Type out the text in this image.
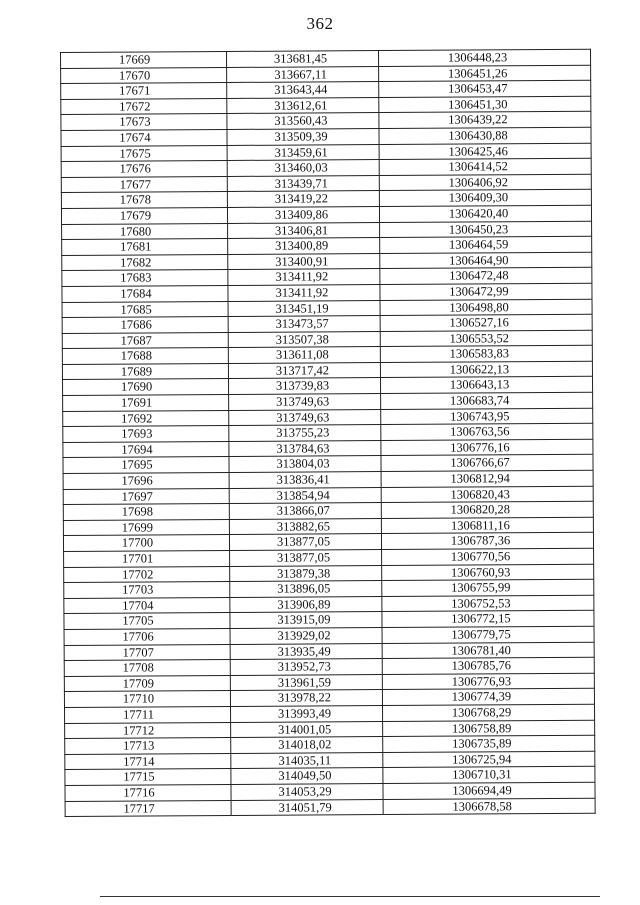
362
17669	313681,45	1306448,23
17670	313667,11	1306451,26
17671	313643,44	1306453,47
17672	313612,61	1306451,30
17673	313560,43	1306439,22
17674	313509,39	1306430,88
17675	313459,61	1306425,46
17676	313460,03	1306414,52
17677	313439,71	1306406,92
17678	313419,22	1306409,30
17679	313409,86	1306420,40
17680	313406,81	1306450,23
17681	313400,89	1306464,59
17682	313400,91	1306464,90
17683	313411,92	1306472,48
17684	313411,92	1306472,99
17685	313451,19	1306498,80
17686	313473,57	1306527,16
17687	313507,38	1306553,52
17688	313611,08	1306583,83
17689	313717,42	1306622,13
17690	313739,83	1306643,13
17691	313749,63	1306683,74
17692	313749,63	1306743,95
17693	313755,23	1306763,56
17694	313784,63	1306776,16
17695	313804,03	1306766,67
17696	313836,41	1306812,94
17697	313854,94	1306820,43
17698	313866,07	1306820,28
17699	313882,65	1306811,16
17700	313877,05	1306787,36
17701	313877,05	1306770,56
17702	313879,38	1306760,93
17703	313896,05	1306755,99
17704	313906,89	1306752,53
17705	313915,09	1306772,15
17706	313929,02	1306779,75
17707	313935,49	1306781,40
17708	313952,73	1306785,76
17709	313961,59	1306776,93
17710	313978,22	1306774,39
17711	313993,49	1306768,29
17712	314001,05	1306758,89
17713	314018,02	1306735,89
17714	314035,11	1306725,94
17715	314049,50	1306710,31
17716	314053,29	1306694,49
17717	314051,79	1306678,58
